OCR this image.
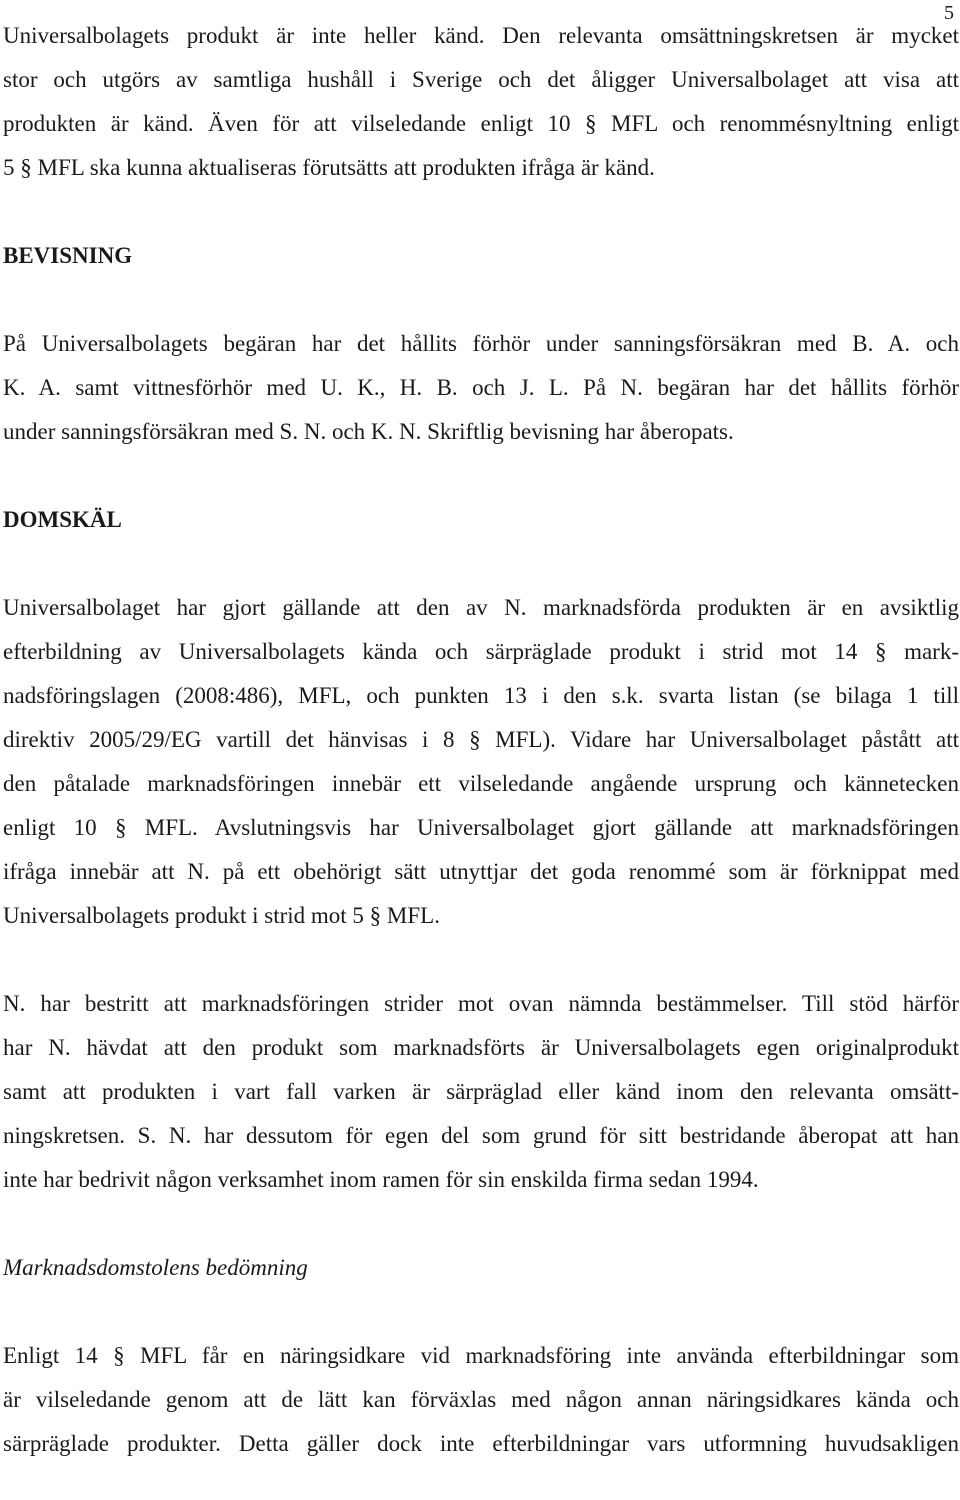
5

Universalbolagets produkt är inte heller känd. Den relevanta omsättningskretsen är mycket
stor och utgörs av samtliga hushåll i Sverige och det åligger Universalbolaget att visa att
produkten är känd. Även för att vilseledande enligt 10 § MFL och renommésnyltning enligt
5 § MFL ska kunna aktualiseras förutsätts att produkten ifråga är känd.

BEVISNING

På Universalbolagets begäran har det hållits förhör under sanningsförsäkran med B. A. och
K. A. samt vittnesförhör med U. K., H. B. och J. L. På N. begäran har det hållits förhör
under sanningsförsäkran med S. N. och K. N. Skriftlig bevisning har åberopats.

DOMSKÄL

Universalbolaget har gjort gällande att den av N. marknadsförda produkten är en avsiktlig
efterbildning av Universalbolagets kända och särpräglade produkt i strid mot 14 § mark-
nadsföringslagen (2008:486), MFL, och punkten 13 i den s.k. svarta listan (se bilaga 1 till
direktiv 2005/29/EG vartill det hänvisas i 8 § MFL). Vidare har Universalbolaget påstått att
den påtalade marknadsföringen innebär ett vilseledande angående ursprung och kännetecken
enligt 10 § MFL. Avslutningsvis har Universalbolaget gjort gällande att marknadsföringen
ifråga innebär att N. på ett obehörigt sätt utnyttjar det goda renommé som är förknippat med
Universalbolagets produkt i strid mot 5 § MFL.

N. har bestritt att marknadsföringen strider mot ovan nämnda bestämmelser. Till stöd härför
har N. hävdat att den produkt som marknadsförts är Universalbolagets egen originalprodukt
samt att produkten i vart fall varken är särpräglad eller känd inom den relevanta omsätt-
ningskretsen. S. N. har dessutom för egen del som grund för sitt bestridande åberopat att han
inte har bedrivit någon verksamhet inom ramen för sin enskilda firma sedan 1994.

Marknadsdomstolens bedömning

Enligt 14 § MFL får en näringsidkare vid marknadsföring inte använda efterbildningar som
är vilseledande genom att de lätt kan förväxlas med någon annan näringsidkares kända och
särpräglade produkter. Detta gäller dock inte efterbildningar vars utformning huvudsakligen
